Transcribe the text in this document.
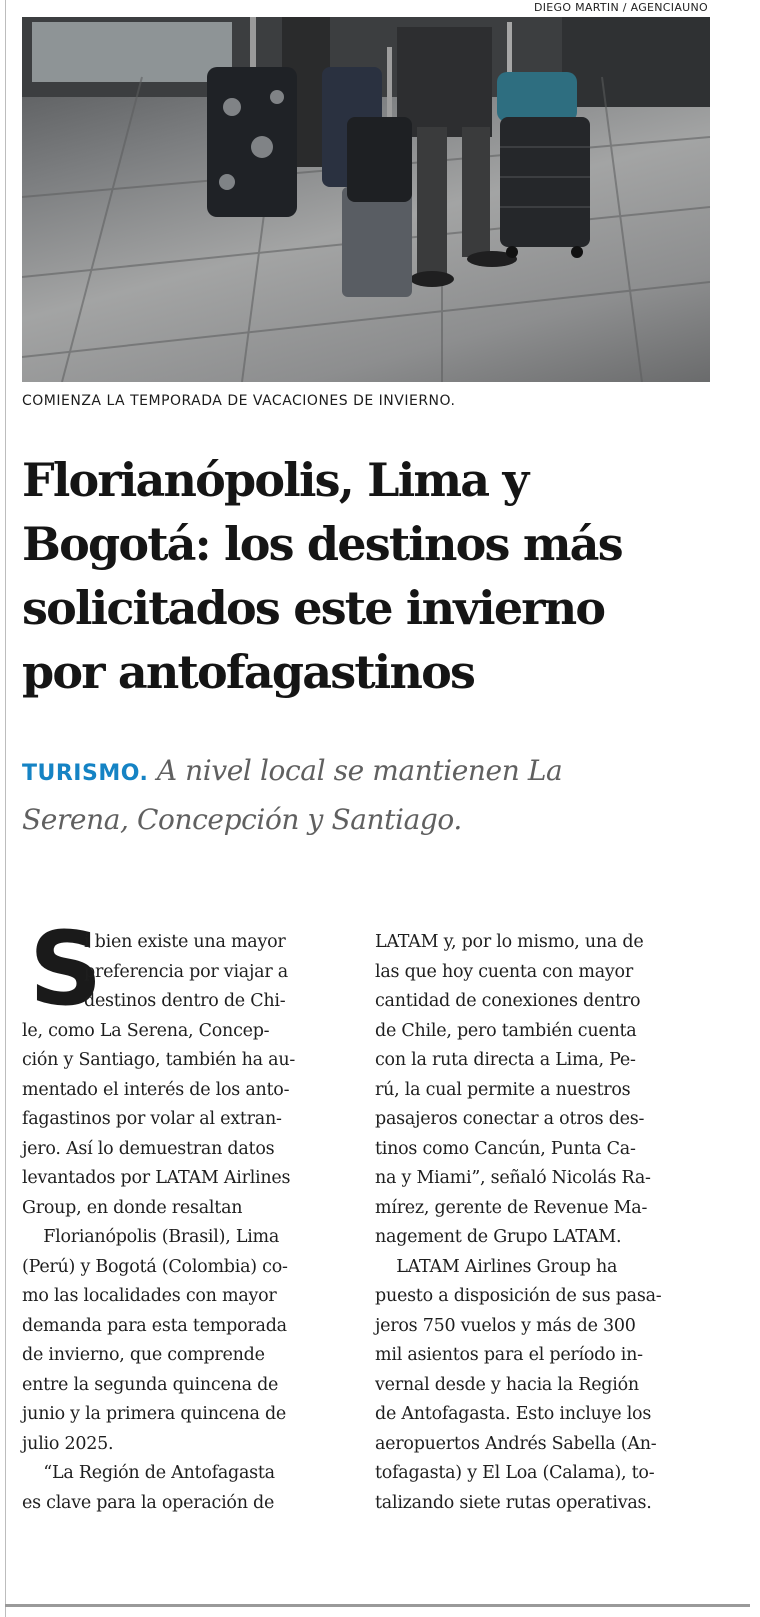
DIEGO MARTIN / AGENCIAUNO
COMIENZA LA TEMPORADA DE VACACIONES DE INVIERNO.
Florianópolis, Lima y
Bogotá: los destinos más
solicitados este invierno
por antofagastinos
TURISMO. A nivel local se mantienen La
Serena, Concepción y Santiago.
S
i bien existe una mayor
preferencia por viajar a
destinos dentro de Chi-
le, como La Serena, Concep-
ción y Santiago, también ha au-
mentado el interés de los anto-
fagastinos por volar al extran-
jero. Así lo demuestran datos
levantados por LATAM Airlines
Group, en donde resaltan
Florianópolis (Brasil), Lima
(Perú) y Bogotá (Colombia) co-
mo las localidades con mayor
demanda para esta temporada
de invierno, que comprende
entre la segunda quincena de
junio y la primera quincena de
julio 2025.
“La Región de Antofagasta
es clave para la operación de
LATAM y, por lo mismo, una de
las que hoy cuenta con mayor
cantidad de conexiones dentro
de Chile, pero también cuenta
con la ruta directa a Lima, Pe-
rú, la cual permite a nuestros
pasajeros conectar a otros des-
tinos como Cancún, Punta Ca-
na y Miami”, señaló Nicolás Ra-
mírez, gerente de Revenue Ma-
nagement de Grupo LATAM.
LATAM Airlines Group ha
puesto a disposición de sus pasa-
jeros 750 vuelos y más de 300
mil asientos para el período in-
vernal desde y hacia la Región
de Antofagasta. Esto incluye los
aeropuertos Andrés Sabella (An-
tofagasta) y El Loa (Calama), to-
talizando siete rutas operativas.
